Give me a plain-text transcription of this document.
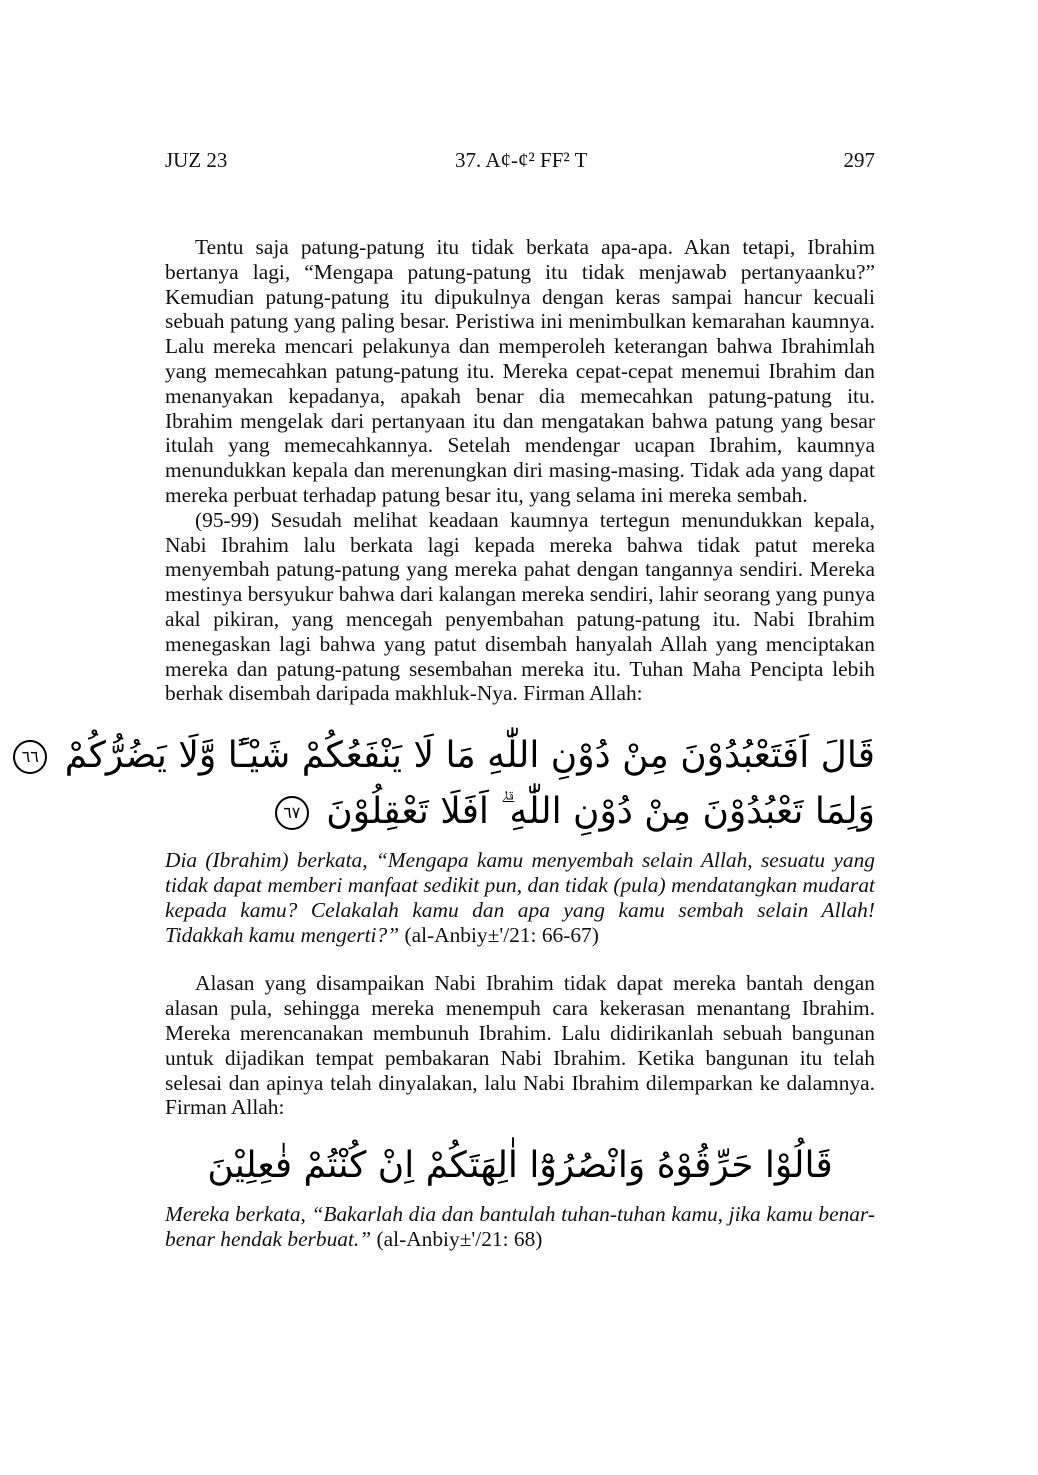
JUZ 23	37. A¢-¢² FF² T	297

Tentu saja patung-patung itu tidak berkata apa-apa. Akan tetapi, Ibrahim bertanya lagi, “Mengapa patung-patung itu tidak menjawab pertanyaanku?” Kemudian patung-patung itu dipukulnya dengan keras sampai hancur kecuali sebuah patung yang paling besar. Peristiwa ini menimbulkan kemarahan kaumnya. Lalu mereka mencari pelakunya dan memperoleh keterangan bahwa Ibrahimlah yang memecahkan patung-patung itu. Mereka cepat-cepat menemui Ibrahim dan menanyakan kepadanya, apakah benar dia memecahkan patung-patung itu. Ibrahim mengelak dari pertanyaan itu dan mengatakan bahwa patung yang besar itulah yang memecahkannya. Setelah mendengar ucapan Ibrahim, kaumnya menundukkan kepala dan merenungkan diri masing-masing. Tidak ada yang dapat mereka perbuat terhadap patung besar itu, yang selama ini mereka sembah.

(95-99) Sesudah melihat keadaan kaumnya tertegun menundukkan kepala, Nabi Ibrahim lalu berkata lagi kepada mereka bahwa tidak patut mereka menyembah patung-patung yang mereka pahat dengan tangannya sendiri. Mereka mestinya bersyukur bahwa dari kalangan mereka sendiri, lahir seorang yang punya akal pikiran, yang mencegah penyembahan patung-patung itu. Nabi Ibrahim menegaskan lagi bahwa yang patut disembah hanyalah Allah yang menciptakan mereka dan patung-patung sesembahan mereka itu. Tuhan Maha Pencipta lebih berhak disembah daripada makhluk-Nya. Firman Allah:

قَالَ اَفَتَعْبُدُوْنَ مِنْ دُوْنِ اللّٰهِ مَا لَا يَنْفَعُكُمْ شَيْـًٔا وَّلَا يَضُرُّكُمْ ٦٦
وَلِمَا تَعْبُدُوْنَ مِنْ دُوْنِ اللّٰهِ ۗ اَفَلَا تَعْقِلُوْنَ ٦٧

Dia (Ibrahim) berkata, “Mengapa kamu menyembah selain Allah, sesuatu yang tidak dapat memberi manfaat sedikit pun, dan tidak (pula) mendatangkan mudarat kepada kamu? Celakalah kamu dan apa yang kamu sembah selain Allah! Tidakkah kamu mengerti?” (al-Anbiy±'/21: 66-67)

Alasan yang disampaikan Nabi Ibrahim tidak dapat mereka bantah dengan alasan pula, sehingga mereka menempuh cara kekerasan menantang Ibrahim. Mereka merencanakan membunuh Ibrahim. Lalu didirikanlah sebuah bangunan untuk dijadikan tempat pembakaran Nabi Ibrahim. Ketika bangunan itu telah selesai dan apinya telah dinyalakan, lalu Nabi Ibrahim dilemparkan ke dalamnya. Firman Allah:

قَالُوْا حَرِّقُوْهُ وَانْصُرُوْٓا اٰلِهَتَكُمْ اِنْ كُنْتُمْ فٰعِلِيْنَ

Mereka berkata, “Bakarlah dia dan bantulah tuhan-tuhan kamu, jika kamu benar-benar hendak berbuat.” (al-Anbiy±'/21: 68)
